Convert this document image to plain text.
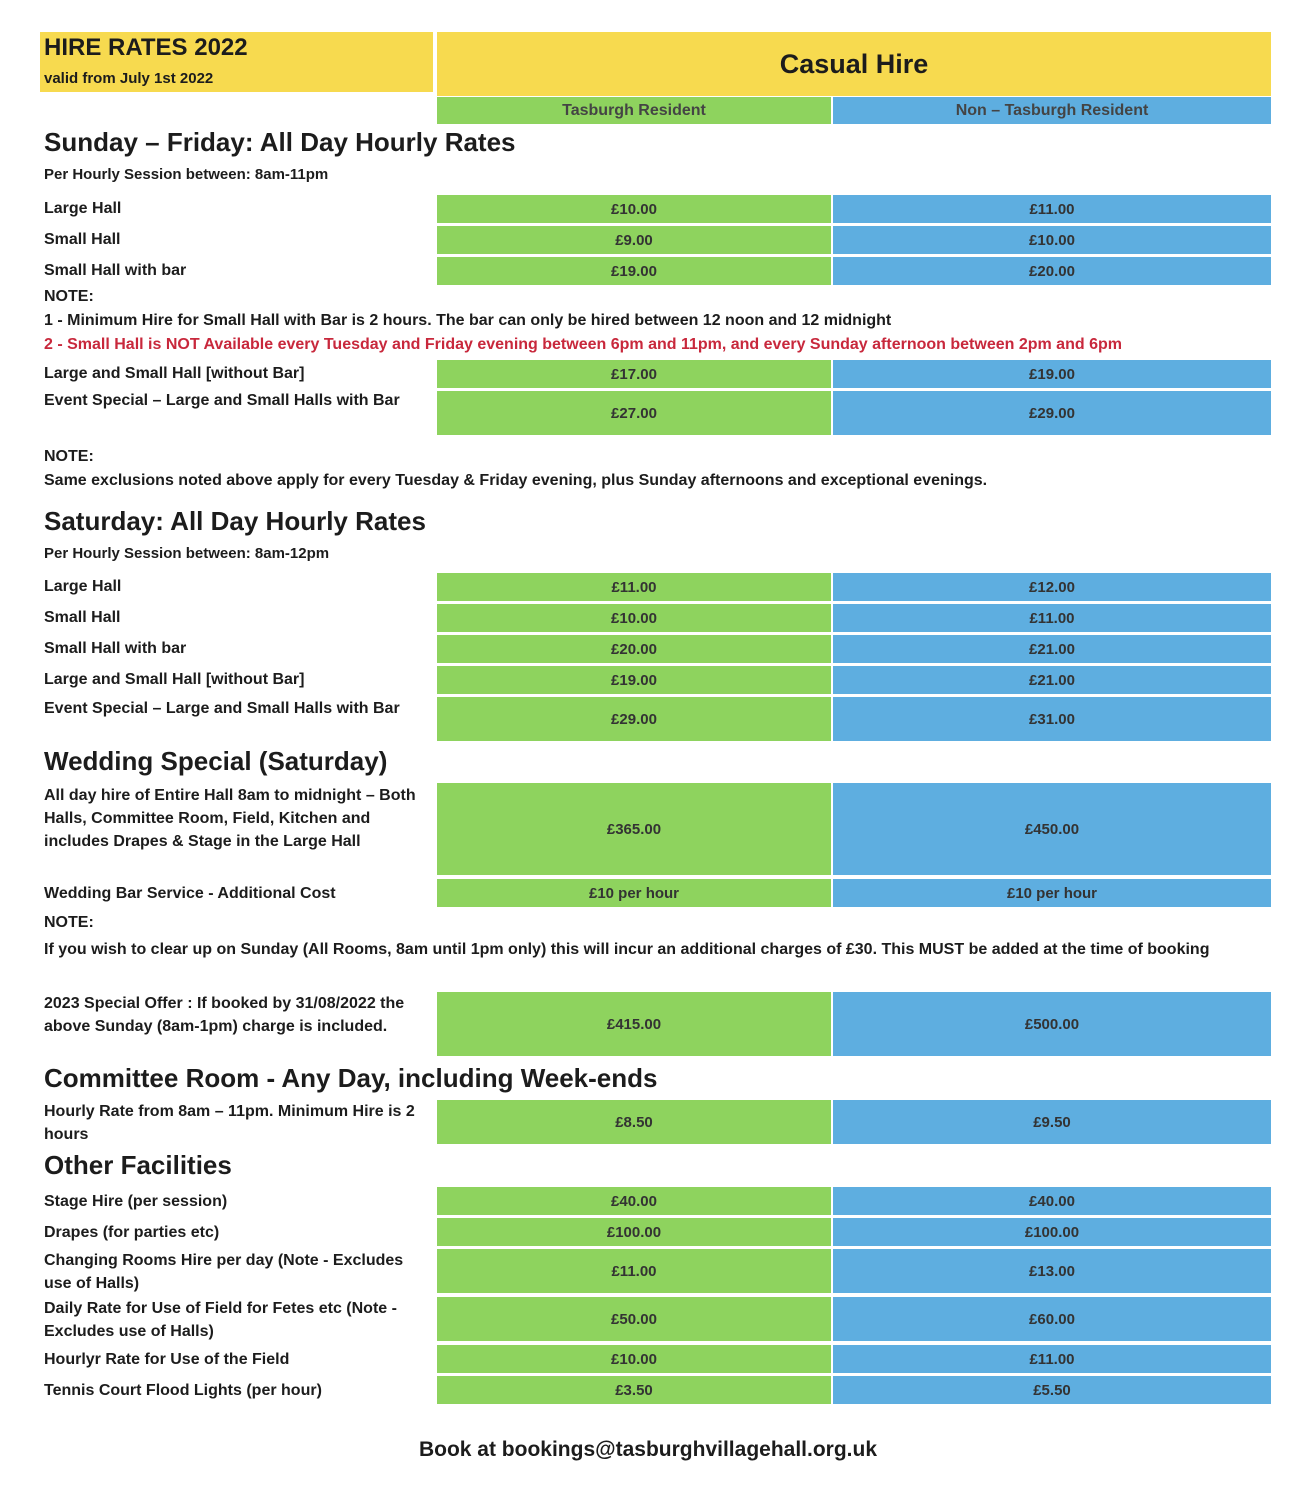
HIRE RATES 2022
valid from July 1st 2022	Casual Hire
Tasburgh Resident	Non – Tasburgh Resident
Sunday – Friday: All Day Hourly Rates
Per Hourly Session between: 8am-11pm
Large Hall	£10.00	£11.00
Small Hall	£9.00	£10.00
Small Hall with bar	£19.00	£20.00
NOTE:
1 - Minimum Hire for Small Hall with Bar is 2 hours. The bar can only be hired between 12 noon and 12 midnight
2 - Small Hall is NOT Available every Tuesday and Friday evening between 6pm and 11pm, and every Sunday afternoon between 2pm and 6pm
Large and Small Hall [without Bar]	£17.00	£19.00
Event Special – Large and Small Halls with Bar
£27.00	£29.00
NOTE:
Same exclusions noted above apply for every Tuesday & Friday evening, plus Sunday afternoons and exceptional evenings.
Saturday: All Day Hourly Rates
Per Hourly Session between: 8am-12pm
Large Hall	£11.00	£12.00
Small Hall	£10.00	£11.00
Small Hall with bar	£20.00	£21.00
Large and Small Hall [without Bar]	£19.00	£21.00
Event Special – Large and Small Halls with Bar
£29.00	£31.00
Wedding Special (Saturday)
All day hire of Entire Hall 8am to midnight – Both Halls, Committee Room, Field, Kitchen and includes Drapes & Stage in the Large Hall
£365.00	£450.00
Wedding Bar Service - Additional Cost	£10 per hour	£10 per hour
NOTE:
If you wish to clear up on Sunday (All Rooms, 8am until 1pm only) this will incur an additional charges of £30. This MUST be added at the time of booking
2023 Special Offer : If booked by 31/08/2022 the above Sunday (8am-1pm) charge is included.	£415.00	£500.00
Committee Room - Any Day, including Week-ends
Hourly Rate from 8am – 11pm. Minimum Hire is 2 hours
£8.50	£9.50
Other Facilities
Stage Hire (per session)	£40.00	£40.00
Drapes (for parties etc)	£100.00	£100.00
Changing Rooms Hire per day (Note - Excludes use of Halls)
£11.00	£13.00
Daily Rate for Use of Field for Fetes etc (Note - Excludes use of Halls)
£50.00	£60.00
Hourlyr Rate for Use of the Field	£10.00	£11.00
Tennis Court Flood Lights (per hour)	£3.50	£5.50
Book at bookings@tasburghvillagehall.org.uk
